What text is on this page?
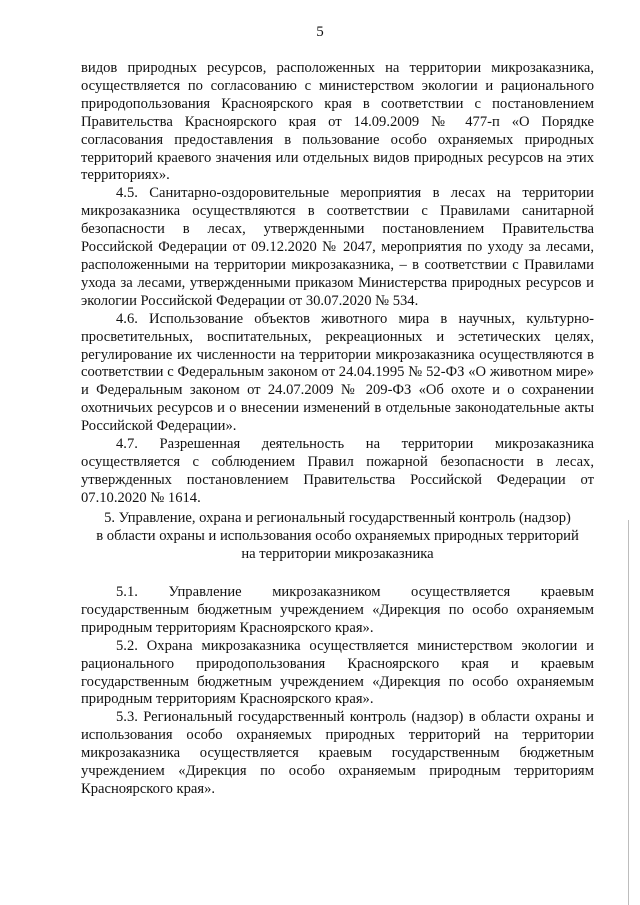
5

видов природных ресурсов, расположенных на территории микрозаказника, осуществляется по согласованию с министерством экологии и рационального природопользования Красноярского края в соответствии с постановлением Правительства Красноярского края от 14.09.2009 № 477-п «О Порядке согласования предоставления в пользование особо охраняемых природных территорий краевого значения или отдельных видов природных ресурсов на этих территориях».

4.5. Санитарно-оздоровительные мероприятия в лесах на территории микрозаказника осуществляются в соответствии с Правилами санитарной безопасности в лесах, утвержденными постановлением Правительства Российской Федерации от 09.12.2020 № 2047, мероприятия по уходу за лесами, расположенными на территории микрозаказника, – в соответствии с Правилами ухода за лесами, утвержденными приказом Министерства природных ресурсов и экологии Российской Федерации от 30.07.2020 № 534.

4.6. Использование объектов животного мира в научных, культурно-просветительных, воспитательных, рекреационных и эстетических целях, регулирование их численности на территории микрозаказника осуществляются в соответствии с Федеральным законом от 24.04.1995 № 52-ФЗ «О животном мире» и Федеральным законом от 24.07.2009 № 209-ФЗ «Об охоте и о сохранении охотничьих ресурсов и о внесении изменений в отдельные законодательные акты Российской Федерации».

4.7. Разрешенная деятельность на территории микрозаказника осуществляется с соблюдением Правил пожарной безопасности в лесах, утвержденных постановлением Правительства Российской Федерации от 07.10.2020 № 1614.

5. Управление, охрана и региональный государственный контроль (надзор)
в области охраны и использования особо охраняемых природных территорий
на территории микрозаказника

5.1. Управление микрозаказником осуществляется краевым государственным бюджетным учреждением «Дирекция по особо охраняемым природным территориям Красноярского края».

5.2. Охрана микрозаказника осуществляется министерством экологии и рационального природопользования Красноярского края и краевым государственным бюджетным учреждением «Дирекция по особо охраняемым природным территориям Красноярского края».

5.3. Региональный государственный контроль (надзор) в области охраны и использования особо охраняемых природных территорий на территории микрозаказника осуществляется краевым государственным бюджетным учреждением «Дирекция по особо охраняемым природным территориям Красноярского края».
